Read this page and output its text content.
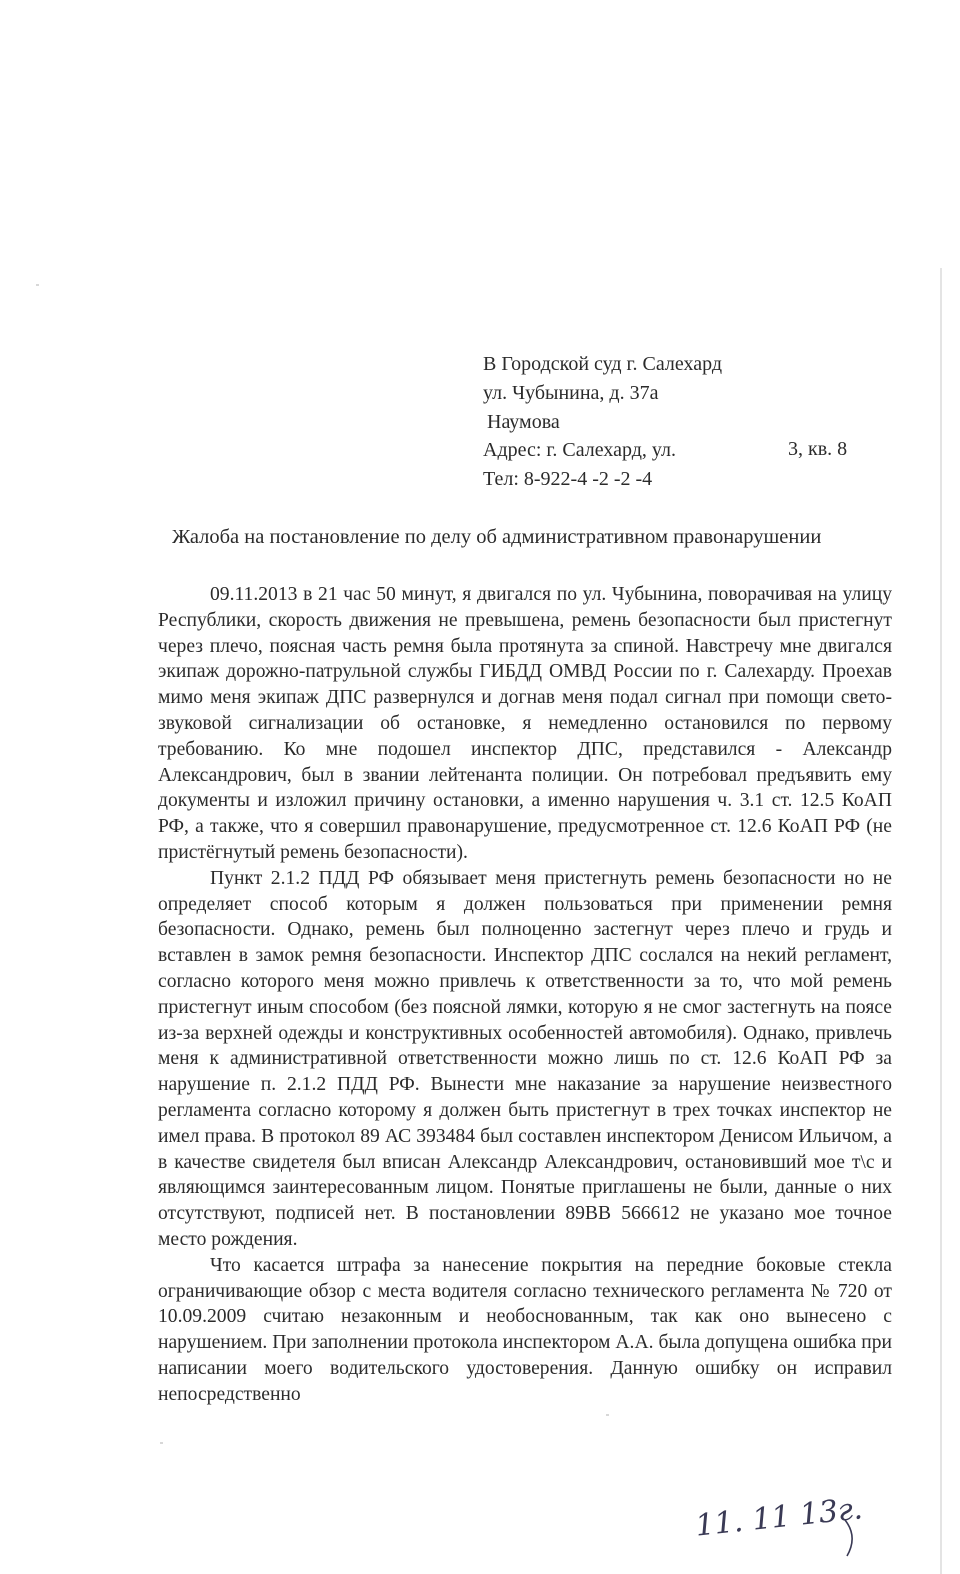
В Городской суд г. Салехард
ул. Чубынина, д. 37а
Наумова
Адрес: г. Салехард, ул.	3, кв. 8
Тел: 8-922-4 -2 -2 -4
Жалоба на постановление по делу об административном правонарушении

09.11.2013 в 21 час 50 минут, я двигался по ул. Чубынина, поворачивая на улицу Республики, скорость движения не превышена, ремень безопасности был пристегнут через плечо, поясная часть ремня была протянута за спиной. Навстречу мне двигался экипаж дорожно-патрульной службы ГИБДД ОМВД России по г. Салехарду. Проехав мимо меня экипаж ДПС развернулся и догнав меня подал сигнал при помощи свето-звуковой сигнализации об остановке, я немедленно остановился по первому требованию. Ко мне подошел инспектор ДПС, представился - Александр Александрович, был в звании лейтенанта полиции. Он потребовал предъявить ему документы и изложил причину остановки, а именно нарушения ч. 3.1 ст. 12.5 КоАП РФ, а также, что я совершил правонарушение, предусмотренное ст. 12.6 КоАП РФ (не пристёгнутый ремень безопасности).

Пункт 2.1.2 ПДД РФ обязывает меня пристегнуть ремень безопасности но не определяет способ которым я должен пользоваться при применении ремня безопасности. Однако, ремень был полноценно застегнут через плечо и грудь и вставлен в замок ремня безопасности. Инспектор ДПС сослался на некий регламент, согласно которого меня можно привлечь к ответственности за то, что мой ремень пристегнут иным способом (без поясной лямки, которую я не смог застегнуть на поясе из-за верхней одежды и конструктивных особенностей автомобиля). Однако, привлечь меня к административной ответственности можно лишь по ст. 12.6 КоАП РФ за нарушение п. 2.1.2 ПДД РФ. Вынести мне наказание за нарушение неизвестного регламента согласно которому я должен быть пристегнут в трех точках инспектор не имел права. В протокол 89 АС 393484 был составлен инспектором Денисом Ильичом, а в качестве свидетеля был вписан Александр Александрович, остановивший мое т\с и являющимся заинтересованным лицом. Понятые приглашены не были, данные о них отсутствуют, подписей нет. В постановлении 89ВВ 566612 не указано мое точное место рождения.

Что касается штрафа за нанесение покрытия на передние боковые стекла ограничивающие обзор с места водителя согласно технического регламента № 720 от 10.09.2009 считаю незаконным и необоснованным, так как оно вынесено с нарушением. При заполнении протокола инспектором А.А. была допущена ошибка при написании моего водительского удостоверения. Данную ошибку он исправил непосредственно

11. 11 13г.
